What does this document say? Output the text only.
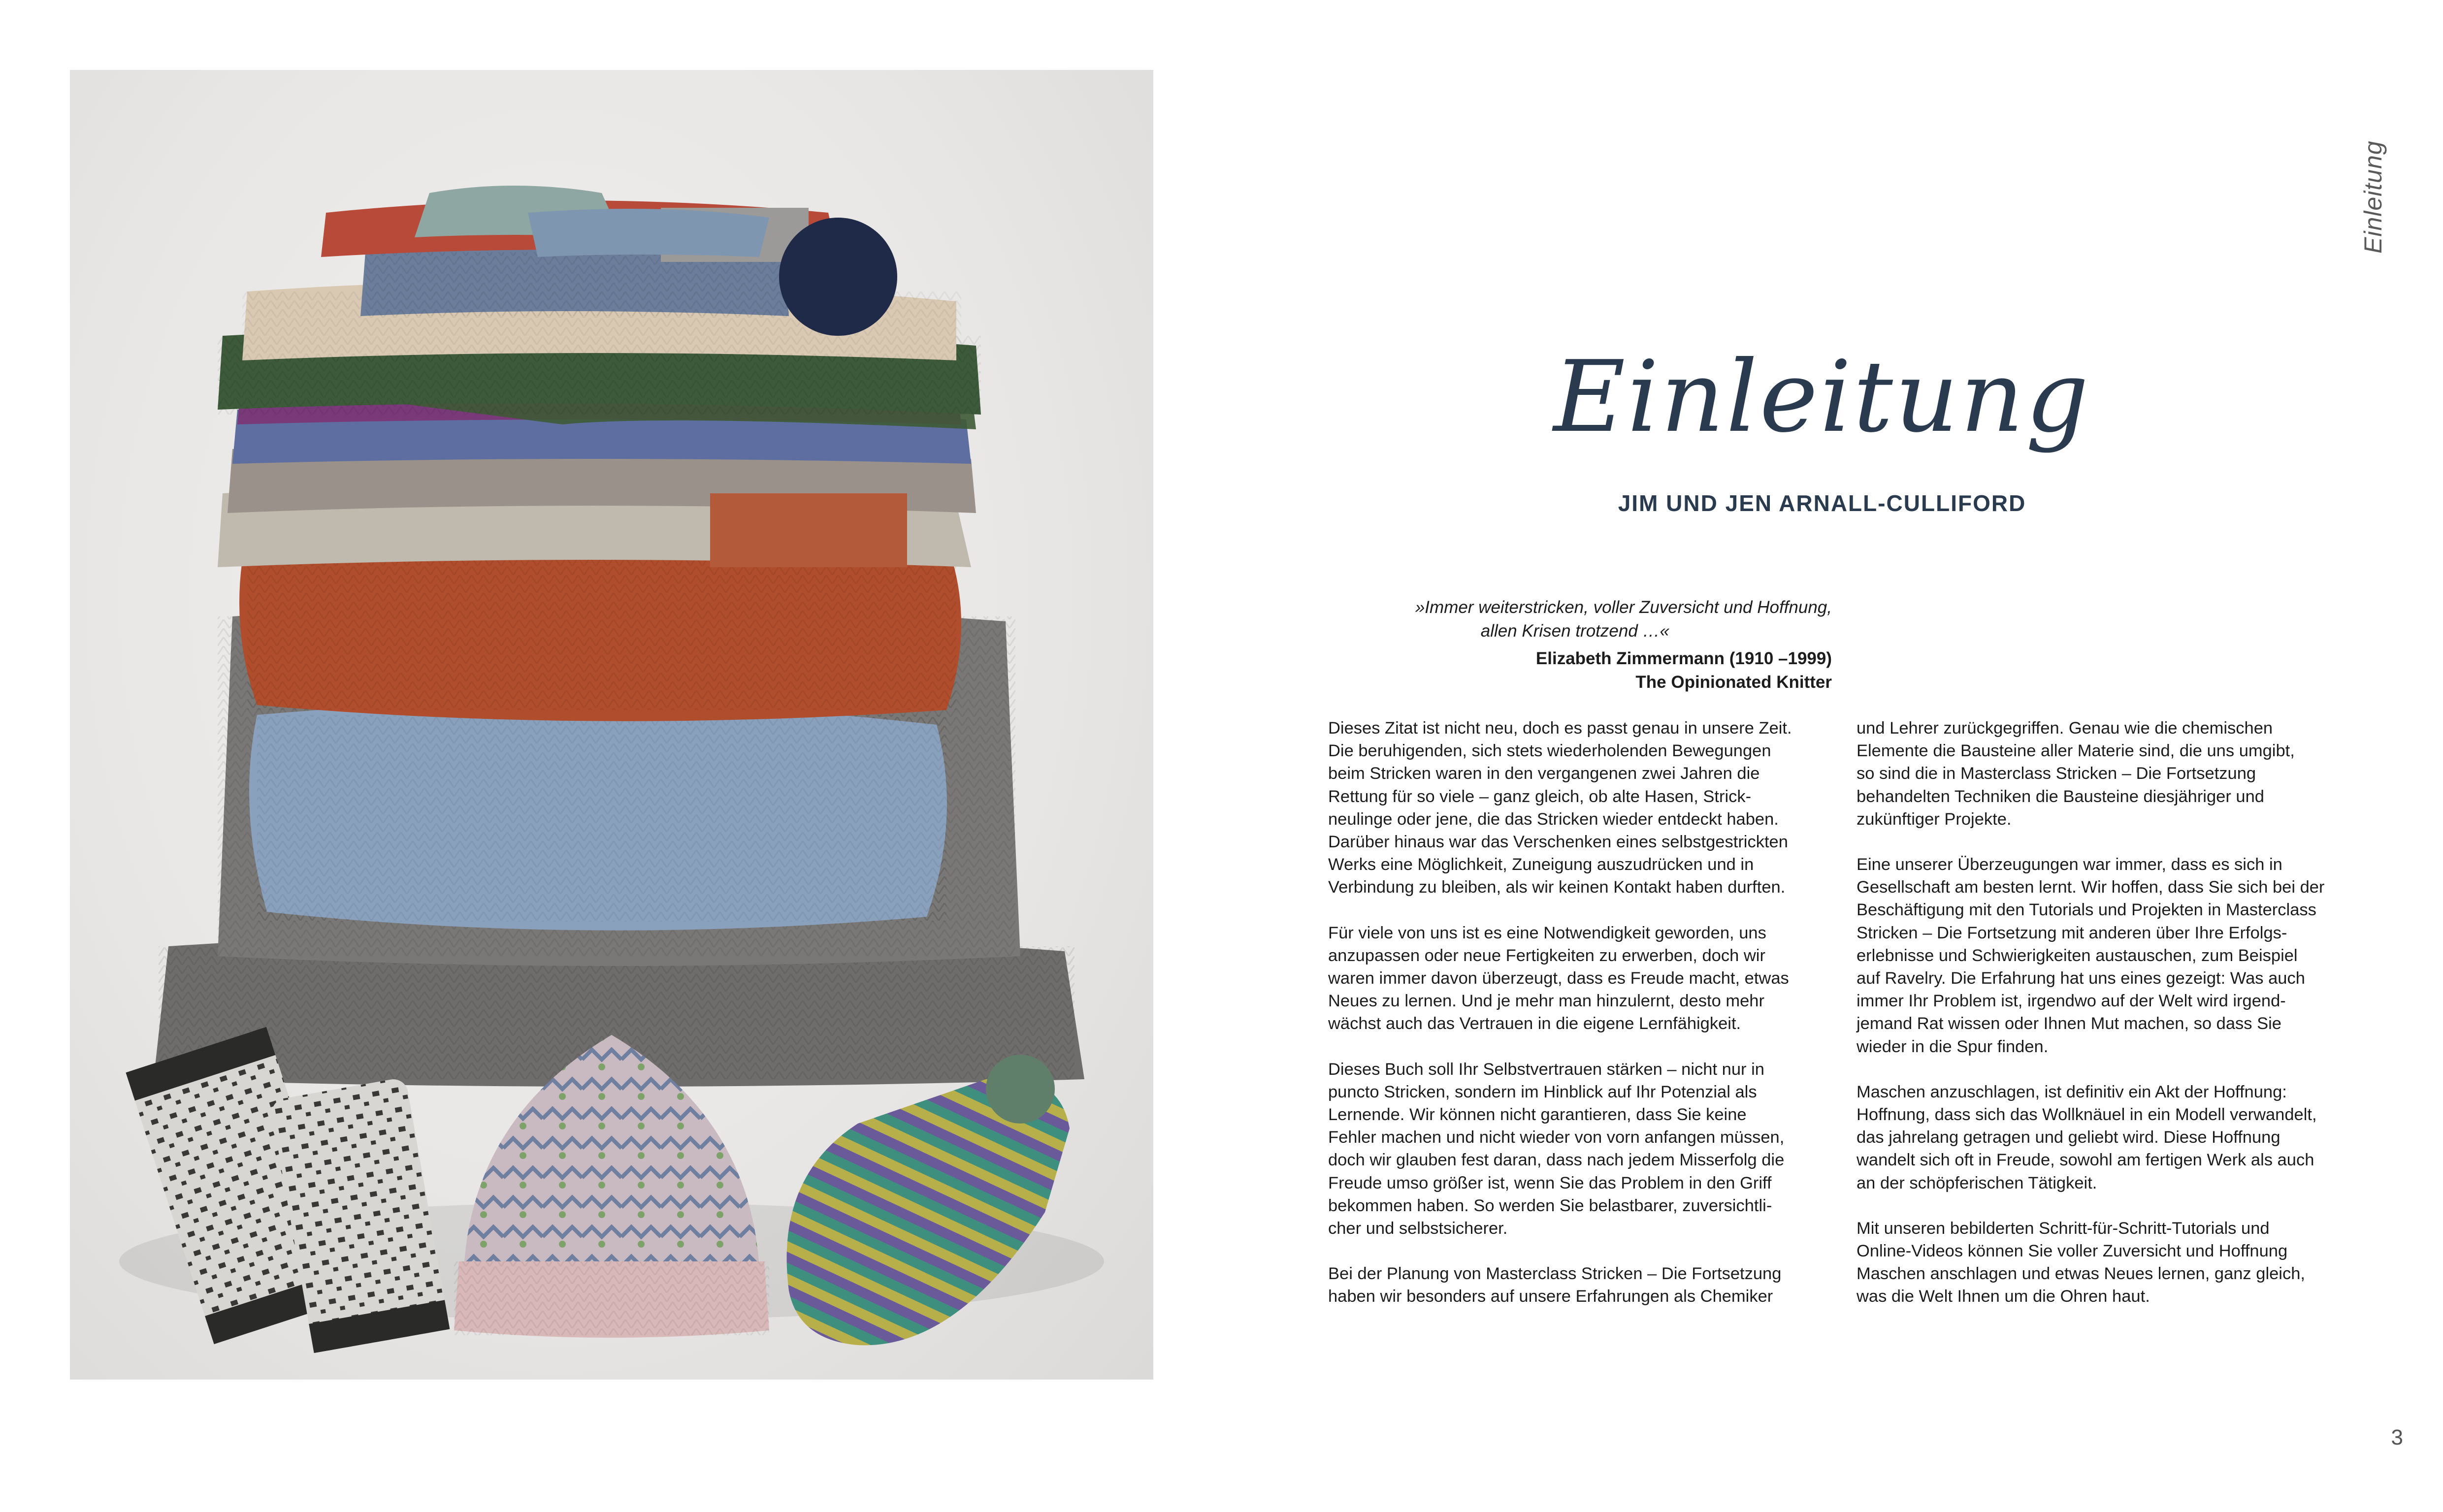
Einleitung
Einleitung
JIM UND JEN ARNALL-CULLIFORD
»Immer weiterstricken, voller Zuversicht und Hoffnung,
allen Krisen trotzend …«
Elizabeth Zimmermann (1910 –1999)
The Opinionated Knitter

Dieses Zitat ist nicht neu, doch es passt genau in unsere Zeit.
Die beruhigenden, sich stets wiederholenden Bewegungen
beim Stricken waren in den vergangenen zwei Jahren die
Rettung für so viele – ganz gleich, ob alte Hasen, Strick-
neulinge oder jene, die das Stricken wieder entdeckt haben.
Darüber hinaus war das Verschenken eines selbstgestrickten
Werks eine Möglichkeit, Zuneigung auszudrücken und in
Verbindung zu bleiben, als wir keinen Kontakt haben durften.

Für viele von uns ist es eine Notwendigkeit geworden, uns
anzupassen oder neue Fertigkeiten zu erwerben, doch wir
waren immer davon überzeugt, dass es Freude macht, etwas
Neues zu lernen. Und je mehr man hinzulernt, desto mehr
wächst auch das Vertrauen in die eigene Lernfähigkeit.

Dieses Buch soll Ihr Selbstvertrauen stärken – nicht nur in
puncto Stricken, sondern im Hinblick auf Ihr Potenzial als
Lernende. Wir können nicht garantieren, dass Sie keine
Fehler machen und nicht wieder von vorn anfangen müssen,
doch wir glauben fest daran, dass nach jedem Misserfolg die
Freude umso größer ist, wenn Sie das Problem in den Griff
bekommen haben. So werden Sie belastbarer, zuversichtli-
cher und selbstsicherer.

Bei der Planung von Masterclass Stricken – Die Fortsetzung
haben wir besonders auf unsere Erfahrungen als Chemiker

und Lehrer zurückgegriffen. Genau wie die chemischen
Elemente die Bausteine aller Materie sind, die uns umgibt,
so sind die in Masterclass Stricken – Die Fortsetzung
behandelten Techniken die Bausteine diesjähriger und
zukünftiger Projekte.

Eine unserer Überzeugungen war immer, dass es sich in
Gesellschaft am besten lernt. Wir hoffen, dass Sie sich bei der
Beschäftigung mit den Tutorials und Projekten in Masterclass
Stricken – Die Fortsetzung mit anderen über Ihre Erfolgs-
erlebnisse und Schwierigkeiten austauschen, zum Beispiel
auf Ravelry. Die Erfahrung hat uns eines gezeigt: Was auch
immer Ihr Problem ist, irgendwo auf der Welt wird irgend-
jemand Rat wissen oder Ihnen Mut machen, so dass Sie
wieder in die Spur finden.

Maschen anzuschlagen, ist definitiv ein Akt der Hoffnung:
Hoffnung, dass sich das Wollknäuel in ein Modell verwandelt,
das jahrelang getragen und geliebt wird. Diese Hoffnung
wandelt sich oft in Freude, sowohl am fertigen Werk als auch
an der schöpferischen Tätigkeit.

Mit unseren bebilderten Schritt-für-Schritt-Tutorials und
Online-Videos können Sie voller Zuversicht und Hoffnung
Maschen anschlagen und etwas Neues lernen, ganz gleich,
was die Welt Ihnen um die Ohren haut.

3
